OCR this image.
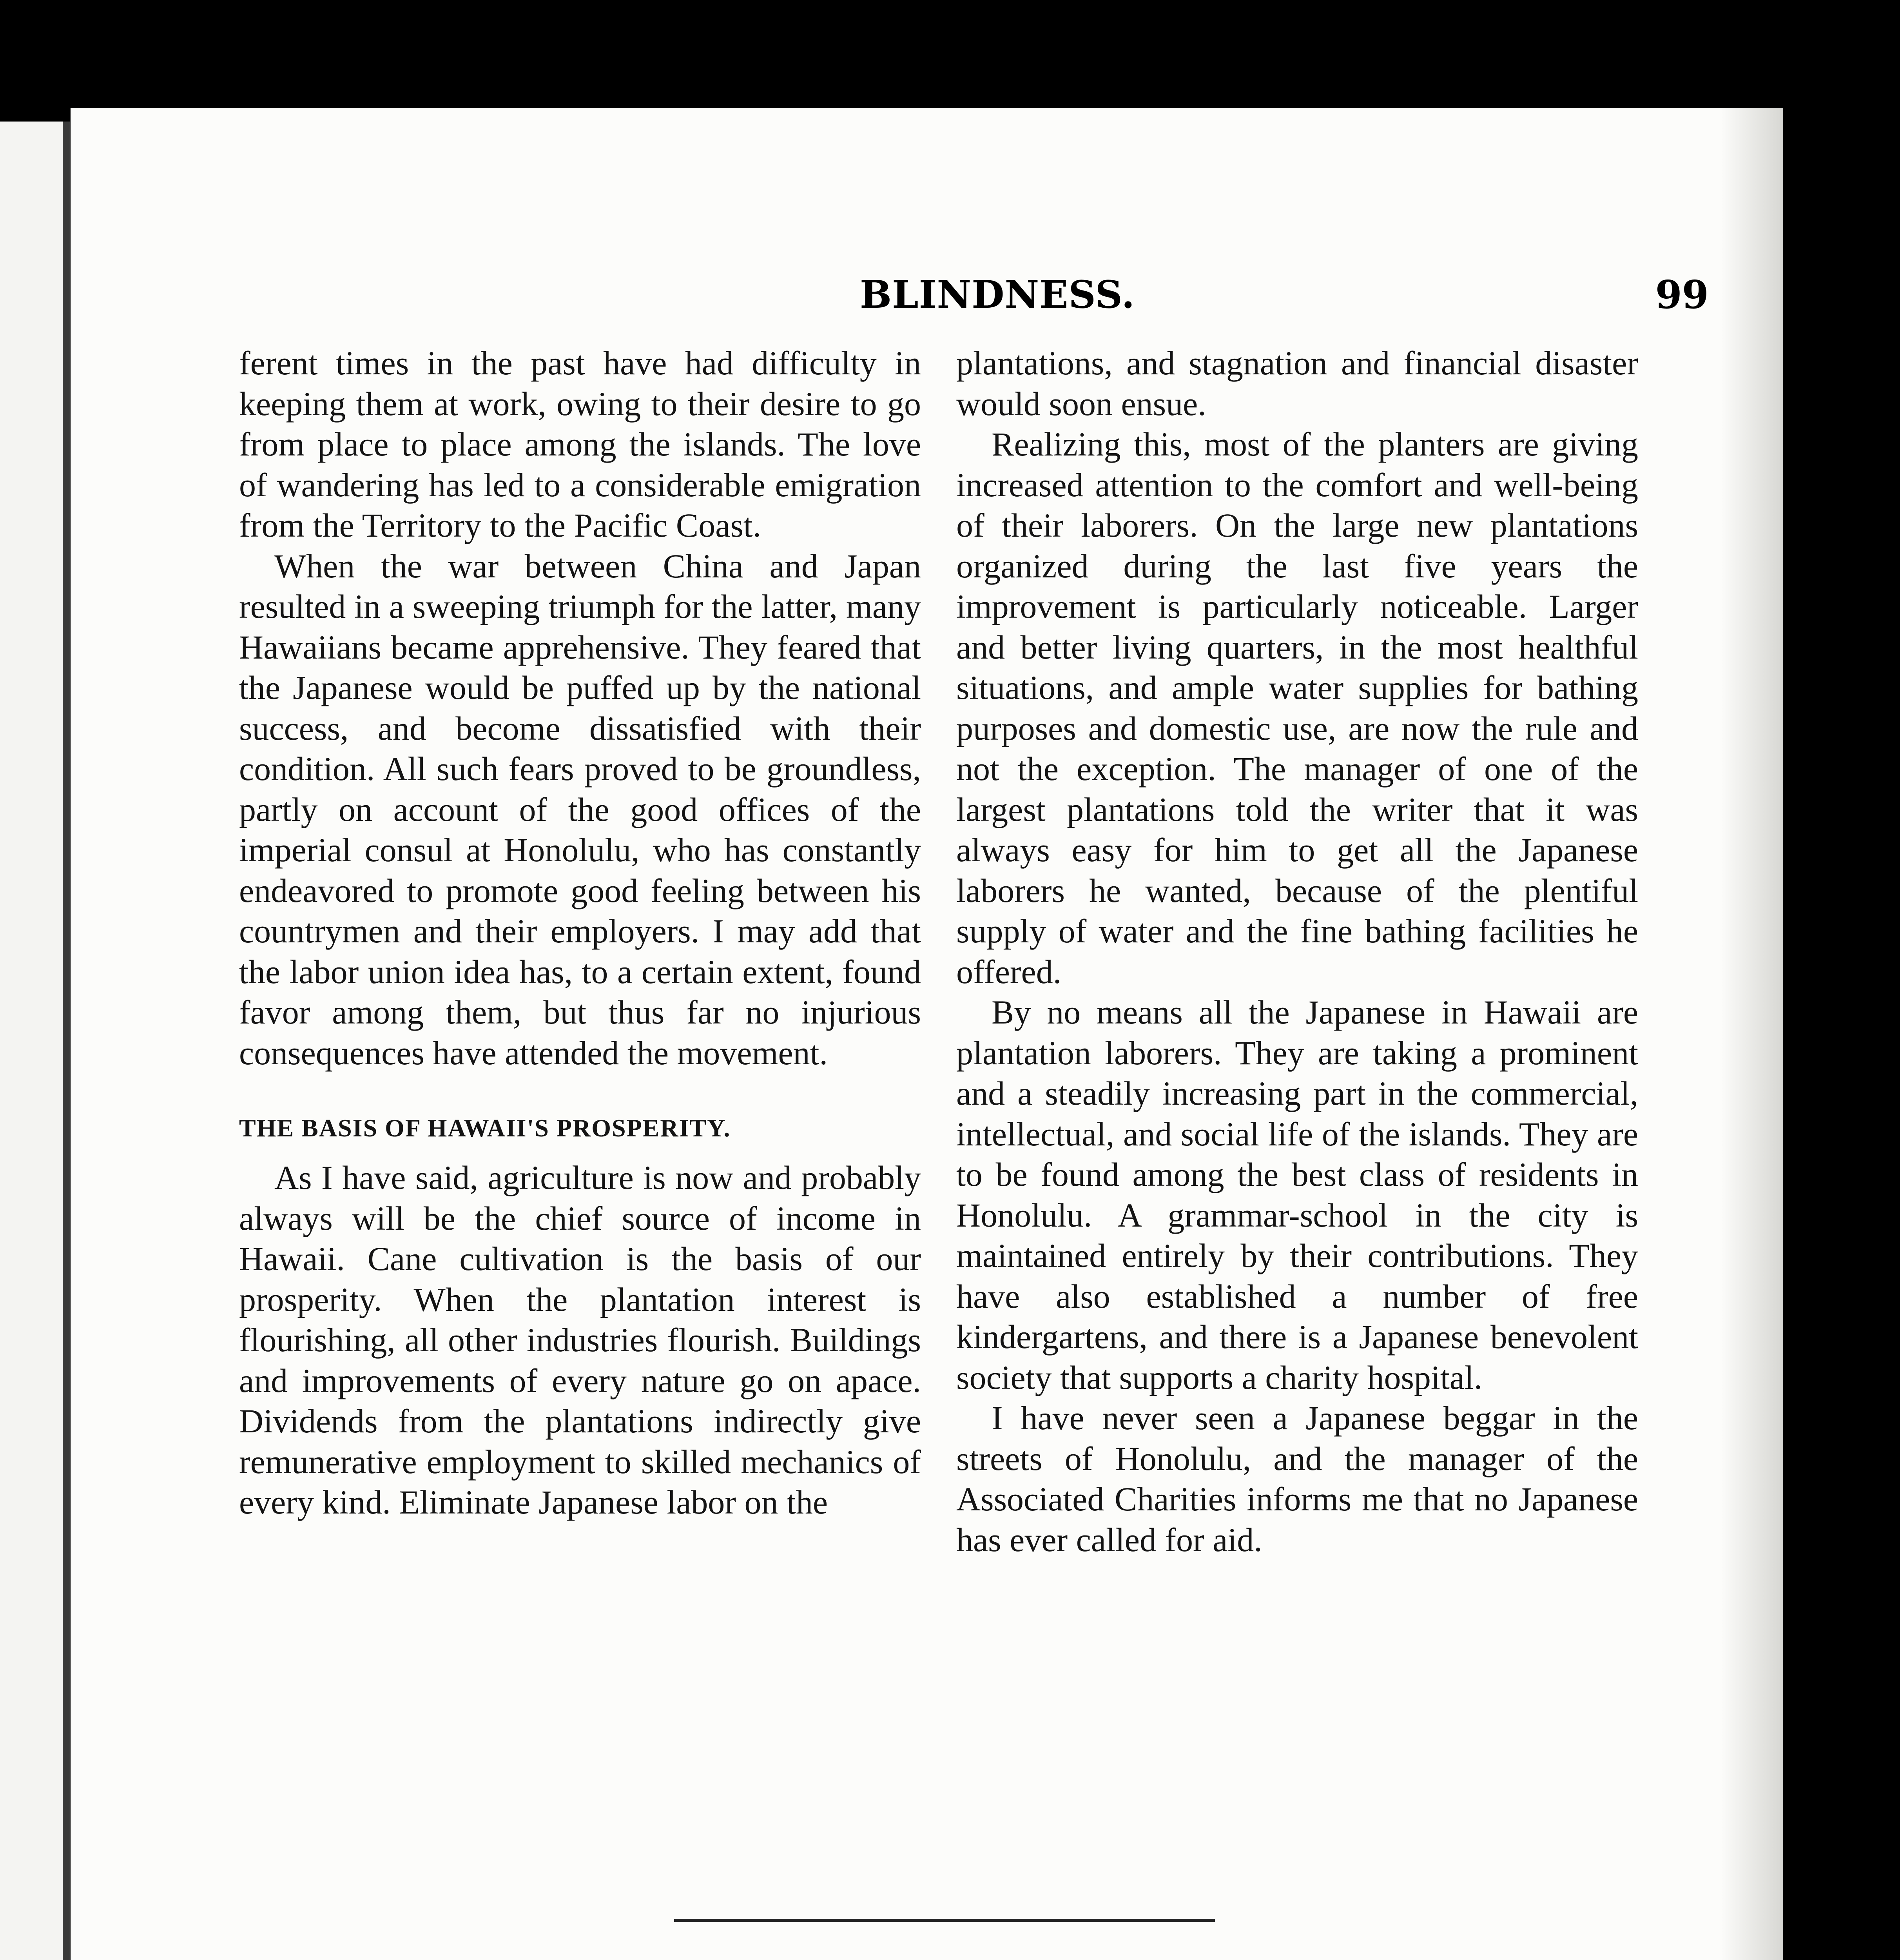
BLINDNESS.	99

ferent times in the past have had difficulty in keeping them at work, owing to their desire to go from place to place among the islands. The love of wandering has led to a considerable emigration from the Territory to the Pacific Coast.

When the war between China and Japan resulted in a sweeping triumph for the latter, many Hawaiians became apprehensive. They feared that the Japanese would be puffed up by the national success, and become dissatisfied with their condition. All such fears proved to be groundless, partly on account of the good offices of the imperial consul at Honolulu, who has constantly endeavored to promote good feeling between his countrymen and their employers. I may add that the labor union idea has, to a certain extent, found favor among them, but thus far no injurious consequences have attended the movement.

THE BASIS OF HAWAII'S PROSPERITY.

As I have said, agriculture is now and probably always will be the chief source of income in Hawaii. Cane cultivation is the basis of our prosperity. When the plantation interest is flourishing, all other industries flourish. Buildings and improvements of every nature go on apace. Dividends from the plantations indirectly give remunerative employment to skilled mechanics of every kind. Eliminate Japanese labor on the

plantations, and stagnation and financial disaster would soon ensue.

Realizing this, most of the planters are giving increased attention to the comfort and well-being of their laborers. On the large new plantations organized during the last five years the improvement is particularly noticeable. Larger and better living quarters, in the most healthful situations, and ample water supplies for bathing purposes and domestic use, are now the rule and not the exception. The manager of one of the largest plantations told the writer that it was always easy for him to get all the Japanese laborers he wanted, because of the plentiful supply of water and the fine bathing facilities he offered.

By no means all the Japanese in Hawaii are plantation laborers. They are taking a prominent and a steadily increasing part in the commercial, intellectual, and social life of the islands. They are to be found among the best class of residents in Honolulu. A grammar-school in the city is maintained entirely by their contributions. They have also established a number of free kindergartens, and there is a Japanese benevolent society that supports a charity hospital.

I have never seen a Japanese beggar in the streets of Honolulu, and the manager of the Associated Charities informs me that no Japanese has ever called for aid.
